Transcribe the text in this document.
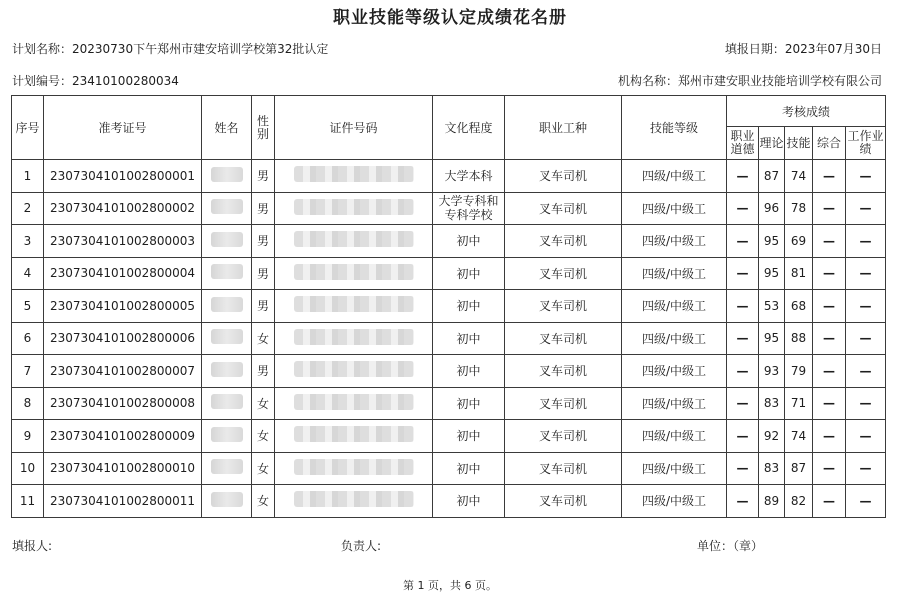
职业技能等级认定成绩花名册
计划名称：20230730下午郑州市建安培训学校第32批认定	填报日期：2023年07月30日
计划编号：23410100280034	机构名称：郑州市建安职业技能培训学校有限公司
序号	准考证号	姓名	性别	证件号码	文化程度	职业工种	技能等级	考核成绩				
								职业道德	理论	技能	综合	工作业绩
1	2307304101002800001		男		大学本科	叉车司机	四级/中级工	—	87	74	—	—
2	2307304101002800002		男		大学专科和专科学校	叉车司机	四级/中级工	—	96	78	—	—
3	2307304101002800003		男		初中	叉车司机	四级/中级工	—	95	69	—	—
4	2307304101002800004		男		初中	叉车司机	四级/中级工	—	95	81	—	—
5	2307304101002800005		男		初中	叉车司机	四级/中级工	—	53	68	—	—
6	2307304101002800006		女		初中	叉车司机	四级/中级工	—	95	88	—	—
7	2307304101002800007		男		初中	叉车司机	四级/中级工	—	93	79	—	—
8	2307304101002800008		女		初中	叉车司机	四级/中级工	—	83	71	—	—
9	2307304101002800009		女		初中	叉车司机	四级/中级工	—	92	74	—	—
10	2307304101002800010		女		初中	叉车司机	四级/中级工	—	83	87	—	—
11	2307304101002800011		女		初中	叉车司机	四级/中级工	—	89	82	—	—
填报人:	负责人:	单位：（章）
第 1 页，共 6 页。
